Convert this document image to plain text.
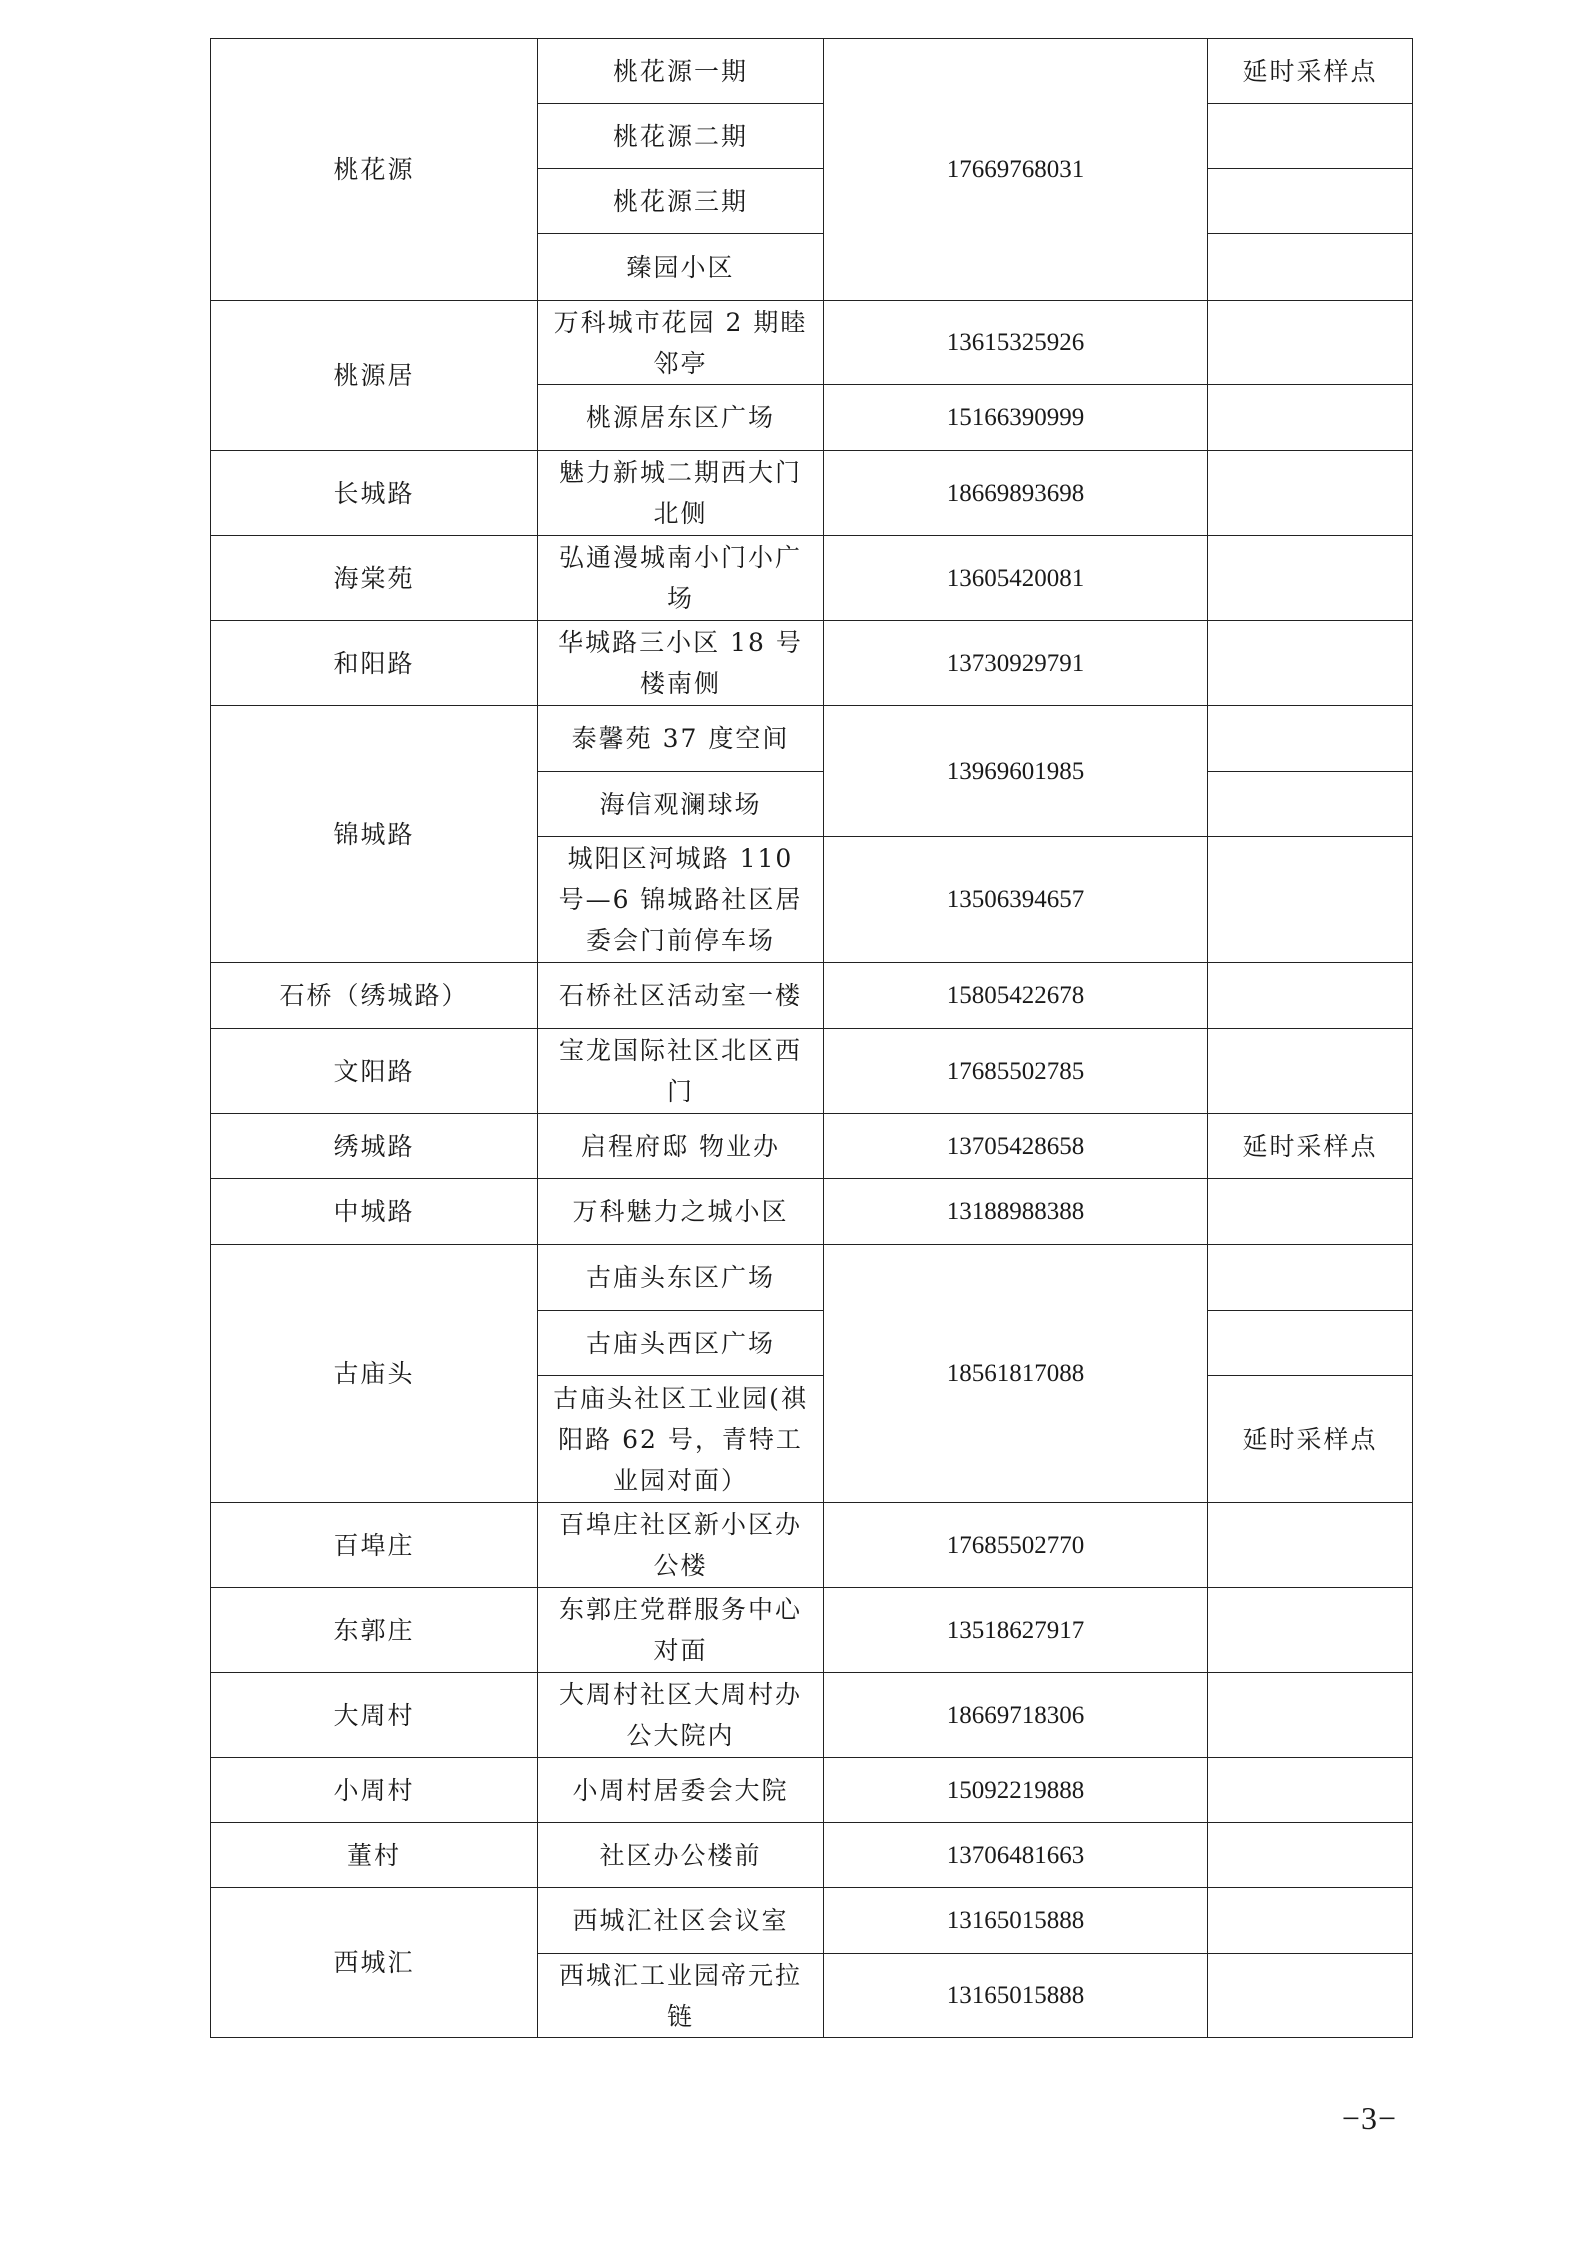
桃花源	桃花源一期	17669768031	延时采样点
	桃花源二期		
	桃花源三期		
	臻园小区		
桃源居	万科城市花园 2 期睦邻亭	13615325926	
	桃源居东区广场	15166390999	
长城路	魅力新城二期西大门北侧	18669893698	
海棠苑	弘通漫城南小门小广场	13605420081	
和阳路	华城路三小区 18 号楼南侧	13730929791	
锦城路	泰馨苑 37 度空间	13969601985	
	海信观澜球场		
	城阳区河城路 110 号—6 锦城路社区居委会门前停车场	13506394657	
石桥（绣城路）	石桥社区活动室一楼	15805422678	
文阳路	宝龙国际社区北区西门	17685502785	
绣城路	启程府邸 物业办	13705428658	延时采样点
中城路	万科魅力之城小区	13188988388	
古庙头	古庙头东区广场	18561817088	
	古庙头西区广场		
	古庙头社区工业园(祺阳路 62 号，青特工业园对面）		延时采样点
百埠庄	百埠庄社区新小区办公楼	17685502770	
东郭庄	东郭庄党群服务中心对面	13518627917	
大周村	大周村社区大周村办公大院内	18669718306	
小周村	小周村居委会大院	15092219888	
董村	社区办公楼前	13706481663	
西城汇	西城汇社区会议室	13165015888	
	西城汇工业园帝元拉链	13165015888	
−3−
